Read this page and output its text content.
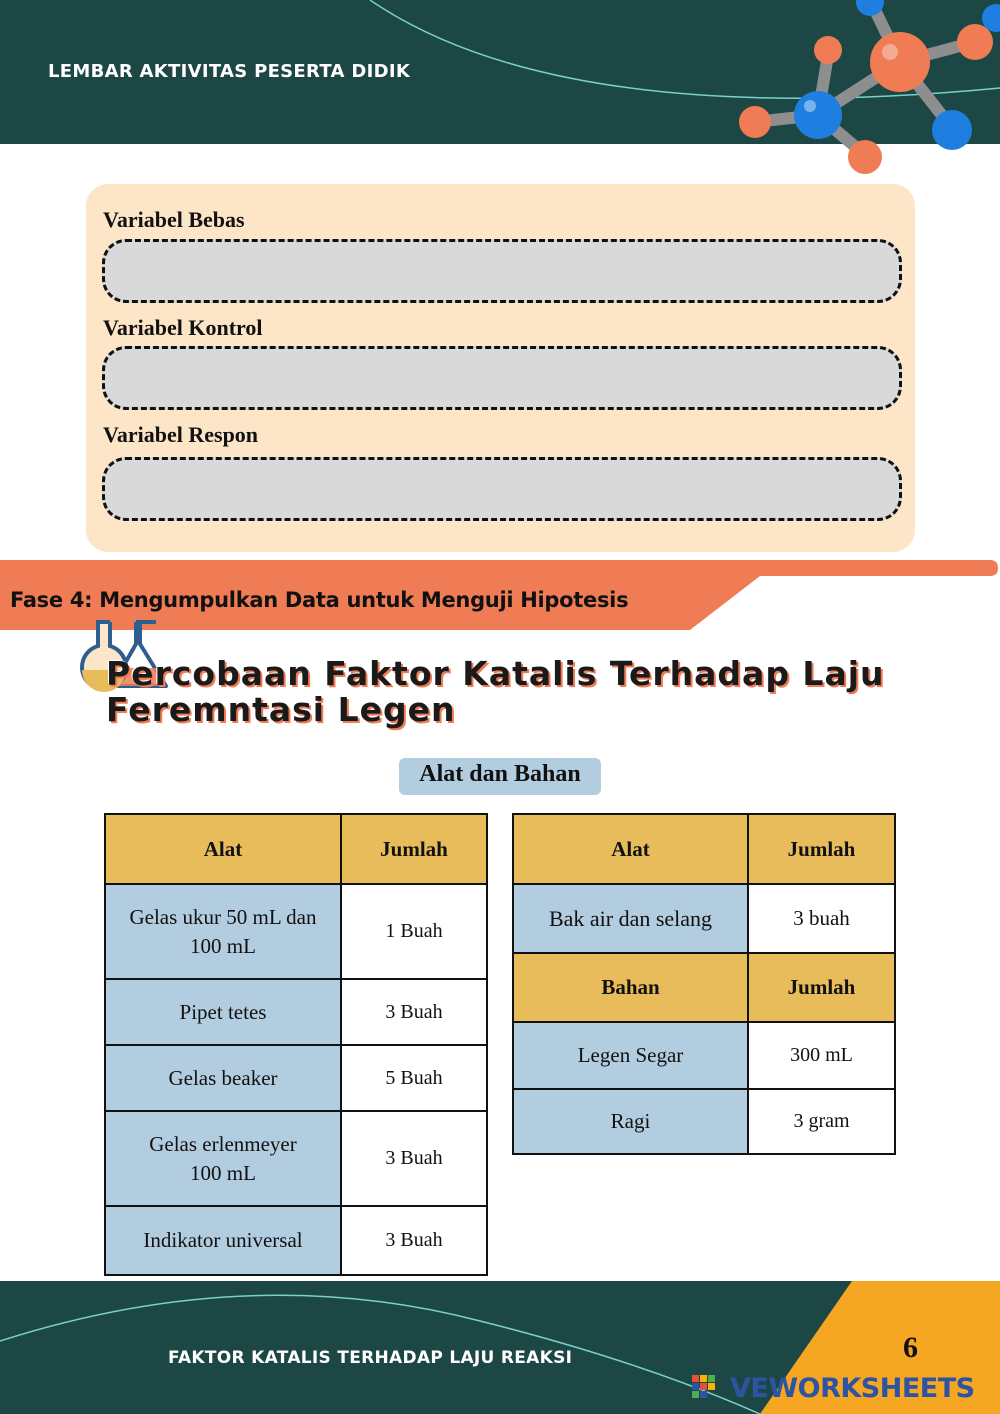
LEMBAR AKTIVITAS PESERTA DIDIK
Variabel Bebas
Variabel Kontrol
Variabel Respon
Fase 4: Mengumpulkan Data untuk Menguji Hipotesis
Percobaan Faktor Katalis Terhadap Laju
Feremntasi Legen
Alat dan Bahan
Alat	Jumlah
Gelas ukur 50 mL dan
100 mL	1 Buah
Pipet tetes	3 Buah
Gelas beaker	5 Buah
Gelas erlenmeyer
100 mL	3 Buah
Indikator universal	3 Buah
Alat	Jumlah
Bak air dan selang	3 buah
Bahan	Jumlah
Legen Segar	300 mL
Ragi	3 gram
FAKTOR KATALIS TERHADAP LAJU REAKSI	6
VEWORKSHEETS
